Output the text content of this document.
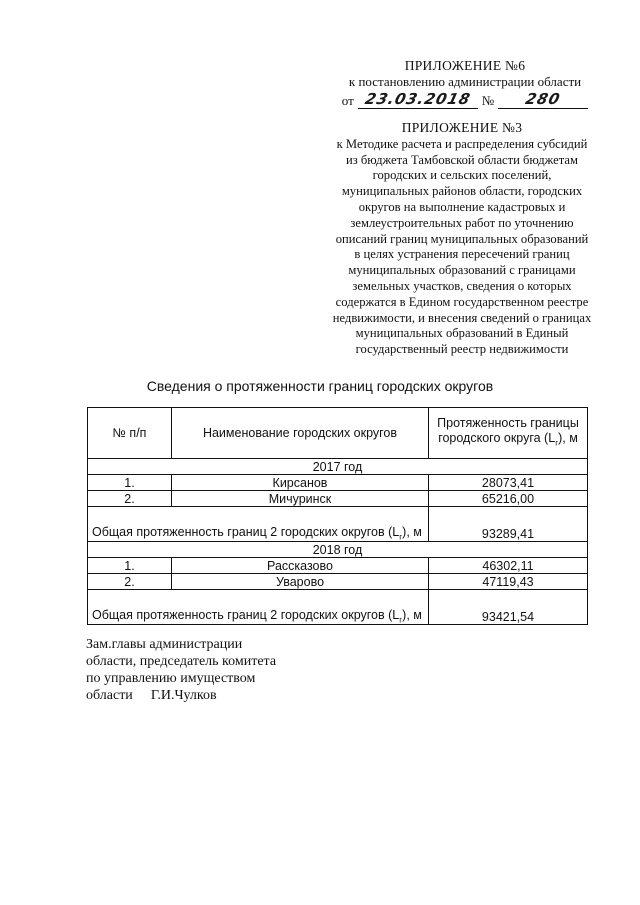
ПРИЛОЖЕНИЕ №6
к постановлению администрации области
от 23.03.2018 №	280
ПРИЛОЖЕНИЕ №3
к Методике расчета и распределения субсидий
из бюджета Тамбовской области бюджетам
городских и сельских поселений,
муниципальных районов области, городских
округов на выполнение кадастровых и
землеустроительных работ по уточнению
описаний границ муниципальных образований
в целях устранения пересечений границ
муниципальных образований с границами
земельных участков, сведения о которых
содержатся в Едином государственном реестре
недвижимости, и внесения сведений о границах
муниципальных образований в Единый
государственный реестр недвижимости
Сведения о протяженности границ городских округов
№ п/п	Наименование городских округов	Протяженность границы
городского округа $(L_г)$, м
2017 год		
1.	Кирсанов	28073,41
2.	Мичуринск	65216,00
Общая протяженность границ 2 городских округов $(L_г)$, м		93289,41
2018 год		
1.	Рассказово	46302,11
2.	Уварово	47119,43
Общая протяженность границ 2 городских округов $(L_г)$, м		93421,54
Зам.главы администрации
области, председатель комитета
по управлению имуществом
области Г.И.Чулков
